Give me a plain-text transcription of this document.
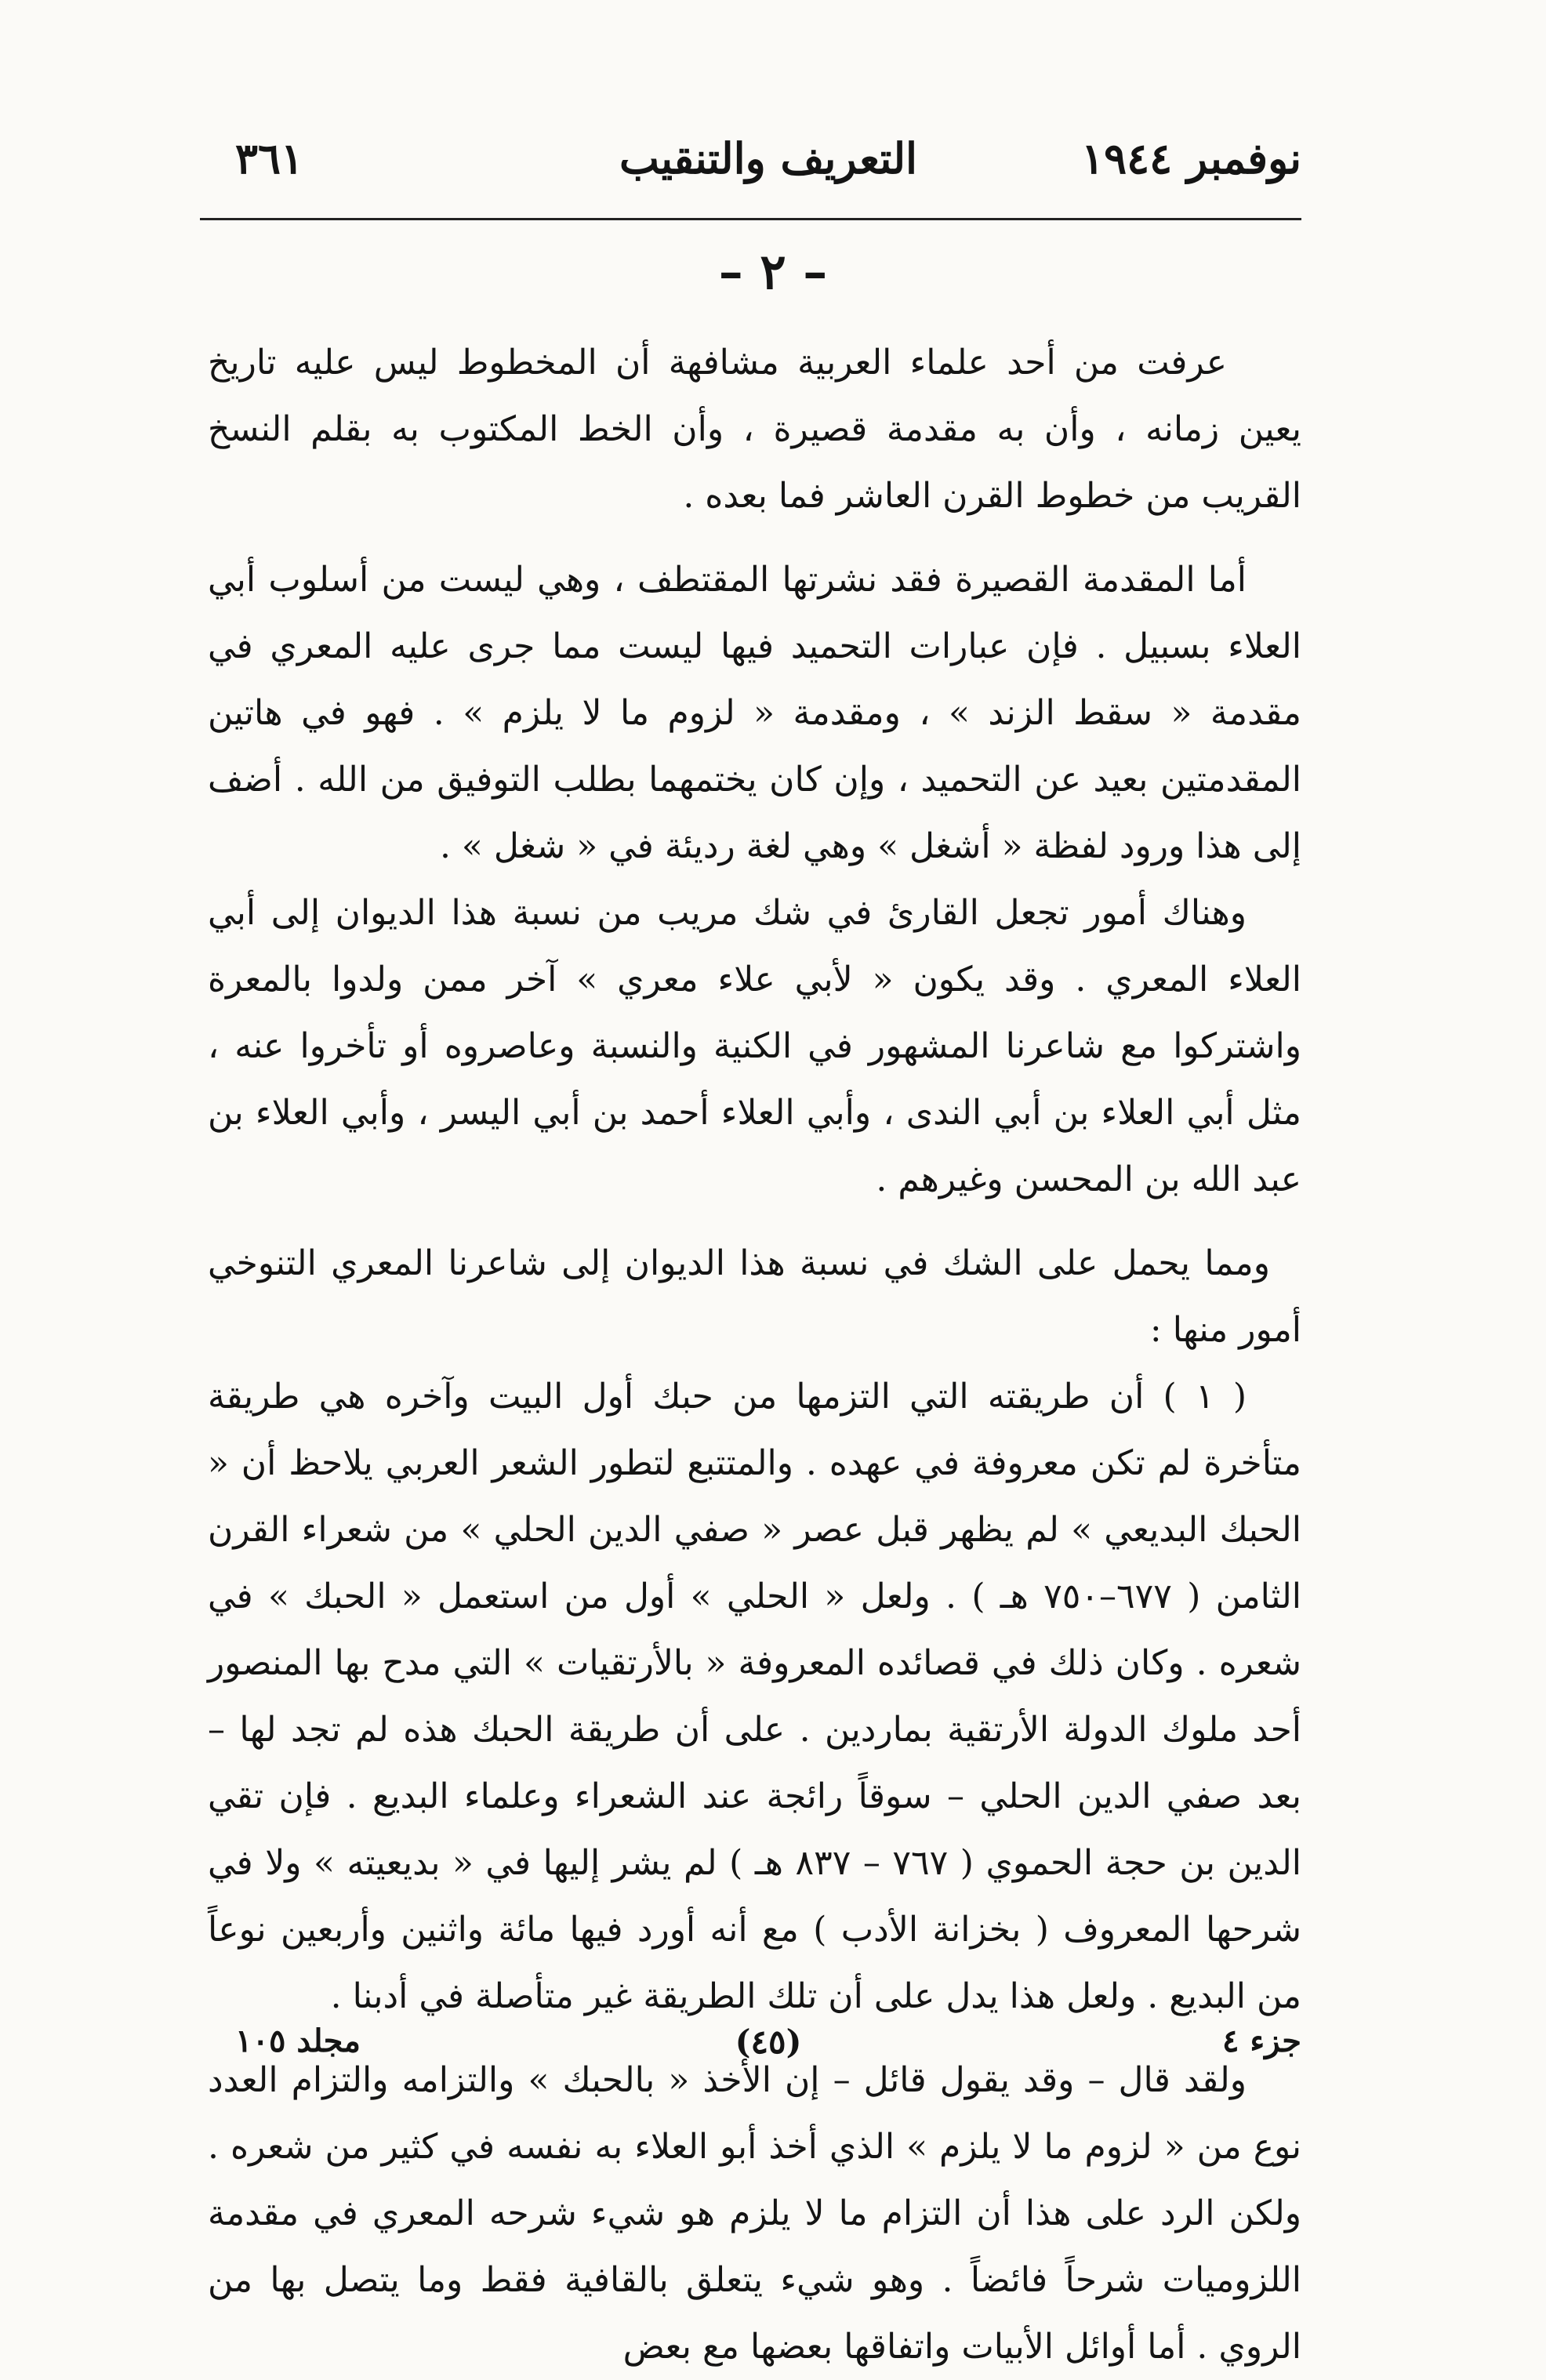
نوفمبر ١٩٤٤
التعريف والتنقيب
٣٦١
– ٢ –

عرفت من أحد علماء العربية مشافهة أن المخطوط ليس عليه تاريخ يعين زمانه ، وأن به مقدمة قصيرة ، وأن الخط المكتوب به بقلم النسخ القريب من خطوط القرن العاشر فما بعده .

أما المقدمة القصيرة فقد نشرتها المقتطف ، وهي ليست من أسلوب أبي العلاء بسبيل . فإن عبارات التحميد فيها ليست مما جرى عليه المعري في مقدمة « سقط الزند » ، ومقدمة « لزوم ما لا يلزم » . فهو في هاتين المقدمتين بعيد عن التحميد ، وإن كان يختمهما بطلب التوفيق من الله . أضف إلى هذا ورود لفظة « أشغل » وهي لغة رديئة في « شغل » .

وهناك أمور تجعل القارئ في شك مريب من نسبة هذا الديوان إلى أبي العلاء المعري . وقد يكون « لأبي علاء معري » آخر ممن ولدوا بالمعرة واشتركوا مع شاعرنا المشهور في الكنية والنسبة وعاصروه أو تأخروا عنه ، مثل أبي العلاء بن أبي الندى ، وأبي العلاء أحمد بن أبي اليسر ، وأبي العلاء بن عبد الله بن المحسن وغيرهم .

ومما يحمل على الشك في نسبة هذا الديوان إلى شاعرنا المعري التنوخي أمور منها :

( ١ ) أن طريقته التي التزمها من حبك أول البيت وآخره هي طريقة متأخرة لم تكن معروفة في عهده . والمتتبع لتطور الشعر العربي يلاحظ أن « الحبك البديعي » لم يظهر قبل عصر « صفي الدين الحلي » من شعراء القرن الثامن ( ٦٧٧–٧٥٠ هـ ) . ولعل « الحلي » أول من استعمل « الحبك » في شعره . وكان ذلك في قصائده المعروفة « بالأرتقيات » التي مدح بها المنصور أحد ملوك الدولة الأرتقية بماردين . على أن طريقة الحبك هذه لم تجد لها – بعد صفي الدين الحلي – سوقاً رائجة عند الشعراء وعلماء البديع . فإن تقي الدين بن حجة الحموي ( ٧٦٧ – ٨٣٧ هـ ) لم يشر إليها في « بديعيته » ولا في شرحها المعروف ( بخزانة الأدب ) مع أنه أورد فيها مائة واثنين وأربعين نوعاً من البديع . ولعل هذا يدل على أن تلك الطريقة غير متأصلة في أدبنا .

ولقد قال – وقد يقول قائل – إن الأخذ « بالحبك » والتزامه والتزام العدد نوع من « لزوم ما لا يلزم » الذي أخذ أبو العلاء به نفسه في كثير من شعره . ولكن الرد على هذا أن التزام ما لا يلزم هو شيء شرحه المعري في مقدمة اللزوميات شرحاً فائضاً . وهو شيء يتعلق بالقافية فقط وما يتصل بها من الروي . أما أوائل الأبيات واتفاقها بعضها مع بعض

جزء ٤
(٤٥)
مجلد ١٠٥
